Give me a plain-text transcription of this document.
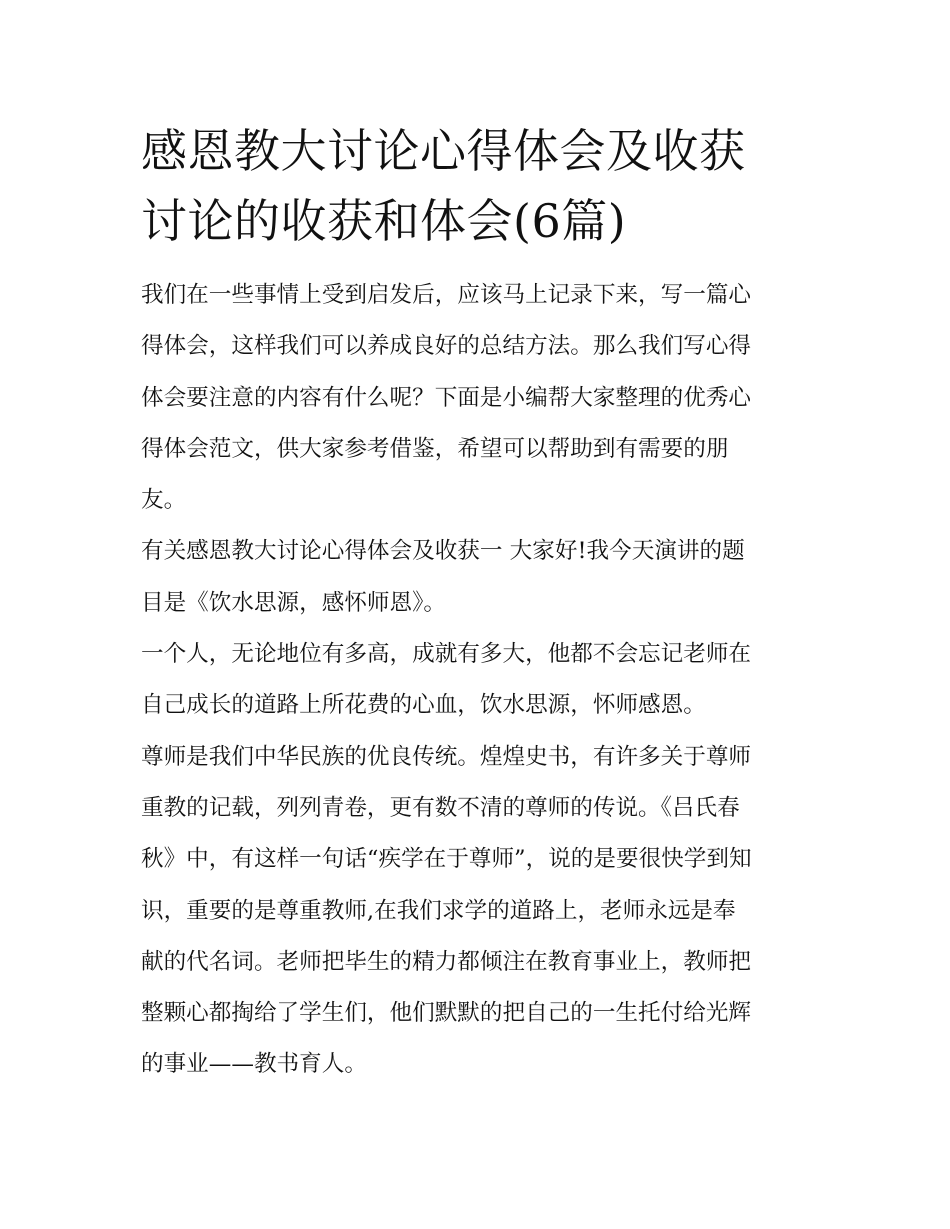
感恩教大讨论心得体会及收获
讨论的收获和体会(6篇)

我们在一些事情上受到启发后，应该马上记录下来，写一篇心
得体会，这样我们可以养成良好的总结方法。那么我们写心得
体会要注意的内容有什么呢？下面是小编帮大家整理的优秀心
得体会范文，供大家参考借鉴，希望可以帮助到有需要的朋
友。

有关感恩教大讨论心得体会及收获一 大家好!我今天演讲的题
目是《饮水思源，感怀师恩》。

一个人，无论地位有多高，成就有多大，他都不会忘记老师在
自己成长的道路上所花费的心血，饮水思源，怀师感恩。

尊师是我们中华民族的优良传统。煌煌史书，有许多关于尊师
重教的记载，列列青卷，更有数不清的尊师的传说。《吕氏春
秋》中，有这样一句话“疾学在于尊师”，说的是要很快学到知
识，重要的是尊重教师,在我们求学的道路上，老师永远是奉
献的代名词。老师把毕生的精力都倾注在教育事业上，教师把
整颗心都掏给了学生们，他们默默的把自己的一生托付给光辉
的事业——教书育人。
